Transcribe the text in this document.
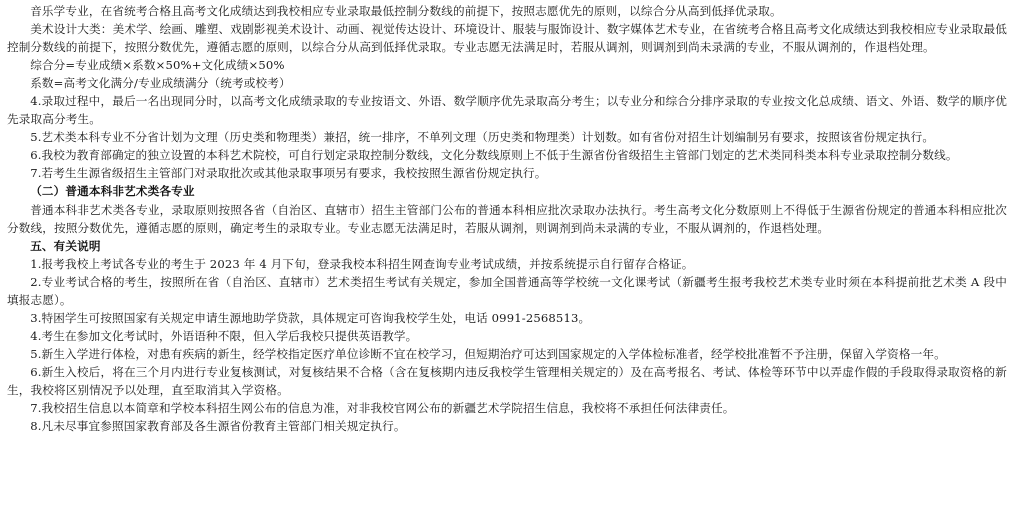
音乐学专业，在省统考合格且高考文化成绩达到我校相应专业录取最低控制分数线的前提下，按照志愿优先的原则，以综合分从高到低择优录取。

美术设计大类：美术学、绘画、雕塑、戏剧影视美术设计、动画、视觉传达设计、环境设计、服装与服饰设计、数字媒体艺术专业，在省统考合格且高考文化成绩达到我校相应专业录取最低控制分数线的前提下，按照分数优先，遵循志愿的原则，以综合分从高到低择优录取。专业志愿无法满足时，若服从调剂，则调剂到尚未录满的专业，不服从调剂的，作退档处理。

综合分=专业成绩×系数×50%+文化成绩×50%

系数=高考文化满分/专业成绩满分（统考或校考）

4.录取过程中，最后一名出现同分时，以高考文化成绩录取的专业按语文、外语、数学顺序优先录取高分考生；以专业分和综合分排序录取的专业按文化总成绩、语文、外语、数学的顺序优先录取高分考生。

5.艺术类本科专业不分省计划为文理（历史类和物理类）兼招，统一排序，不单列文理（历史类和物理类）计划数。如有省份对招生计划编制另有要求，按照该省份规定执行。

6.我校为教育部确定的独立设置的本科艺术院校，可自行划定录取控制分数线，文化分数线原则上不低于生源省份省级招生主管部门划定的艺术类同科类本科专业录取控制分数线。

7.若考生生源省级招生主管部门对录取批次或其他录取事项另有要求，我校按照生源省份规定执行。

（二）普通本科非艺术类各专业

普通本科非艺术类各专业，录取原则按照各省（自治区、直辖市）招生主管部门公布的普通本科相应批次录取办法执行。考生高考文化分数原则上不得低于生源省份规定的普通本科相应批次分数线，按照分数优先，遵循志愿的原则，确定考生的录取专业。专业志愿无法满足时，若服从调剂，则调剂到尚未录满的专业，不服从调剂的，作退档处理。

五、有关说明

1.报考我校上考试各专业的考生于 2023 年 4 月下旬，登录我校本科招生网查询专业考试成绩，并按系统提示自行留存合格证。

2.专业考试合格的考生，按照所在省（自治区、直辖市）艺术类招生考试有关规定，参加全国普通高等学校统一文化课考试（新疆考生报考我校艺术类专业时须在本科提前批艺术类 A 段中填报志愿）。

3.特困学生可按照国家有关规定申请生源地助学贷款，具体规定可咨询我校学生处，电话 0991-2568513。

4.考生在参加文化考试时，外语语种不限，但入学后我校只提供英语教学。

5.新生入学进行体检，对患有疾病的新生，经学校指定医疗单位诊断不宜在校学习，但短期治疗可达到国家规定的入学体检标准者，经学校批准暂不予注册，保留入学资格一年。

6.新生入校后，将在三个月内进行专业复核测试，对复核结果不合格（含在复核期内违反我校学生管理相关规定的）及在高考报名、考试、体检等环节中以弄虚作假的手段取得录取资格的新生，我校将区别情况予以处理，直至取消其入学资格。

7.我校招生信息以本简章和学校本科招生网公布的信息为准，对非我校官网公布的新疆艺术学院招生信息，我校将不承担任何法律责任。

8.凡未尽事宜参照国家教育部及各生源省份教育主管部门相关规定执行。
